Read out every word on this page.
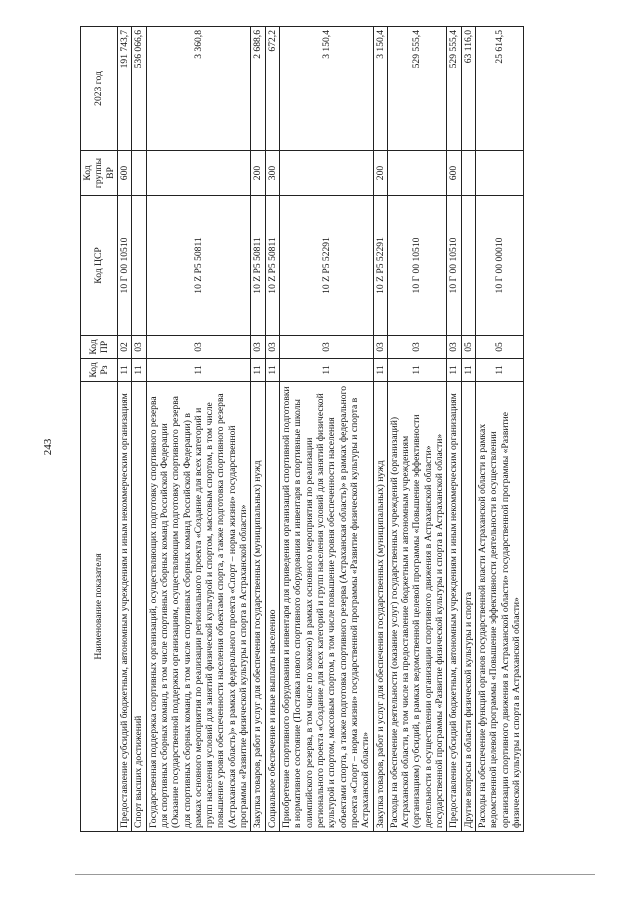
243
Наименование показателя	Код Рз	Код ПР	Код ЦСР	Код группы ВР	2023 год
Предоставление субсидий бюджетным, автономным учреждениям и иным некоммерческим организациям	11	02	10 Г 00 10510	600	191 743,7
Спорт высших достижений	11	03			536 066,6
Государственная поддержка спортивных организаций, осуществляющих подготовку спортивного резерва для спортивных сборных команд, в том числе спортивных сборных команд Российской Федерации (Оказание государственной поддержки организациям, осуществляющим подготовку спортивного резерва для спортивных сборных команд, в том числе спортивных сборных команд Российской Федерации) в рамках основного мероприятия по реализации регионального проекта «Создание для всех категорий и групп населения условий для занятий физической культурой и спортом, массовым спортом, в том числе повышение уровня обеспеченности населения объектами спорта, а также подготовка спортивного резерва (Астраханская область)» в рамках федерального проекта «Спорт – норма жизни» государственной программы «Развитие физической культуры и спорта в Астраханской области»	11	03	10 Z P5 50811		3 360,8
Закупка товаров, работ и услуг для обеспечения государственных (муниципальных) нужд	11	03	10 Z P5 50811	200	2 688,6
Социальное обеспечение и иные выплаты населению	11	03	10 Z P5 50811	300	672,2
Приобретение спортивного оборудования и инвентаря для приведения организаций спортивной подготовки в нормативное состояние (Поставка нового спортивного оборудования и инвентаря в спортивные школы олимпийского резерва, в том числе по хоккею) в рамках основного мероприятия по реализации регионального проекта «Создание для всех категорий и групп населения условий для занятий физической культурой и спортом, массовым спортом, в том числе повышение уровня обеспеченности населения объектами спорта, а также подготовка спортивного резерва (Астраханская область)» в рамках федерального проекта «Спорт – норма жизни» государственной программы «Развитие физической культуры и спорта в Астраханской области»	11	03	10 Z P5 52291		3 150,4
Закупка товаров, работ и услуг для обеспечения государственных (муниципальных) нужд	11	03	10 Z P5 52291	200	3 150,4
Расходы на обеспечение деятельности (оказание услуг) государственных учреждений (организаций) Астраханской области, в том числе на предоставление бюджетным и автономным учреждениям (организациям) субсидий, в рамках ведомственной целевой программы «Повышение эффективности деятельности в осуществлении организации спортивного движения в Астраханской области» государственной программы «Развитие физической культуры и спорта в Астраханской области»	11	03	10 Г 00 10510		529 555,4
Предоставление субсидий бюджетным, автономным учреждениям и иным некоммерческим организациям	11	03	10 Г 00 10510	600	529 555,4
Другие вопросы в области физической культуры и спорта	11	05			63 116,0
Расходы на обеспечение функций органов государственной власти Астраханской области в рамках ведомственной целевой программы «Повышение эффективности деятельности в осуществлении организации спортивного движения в Астраханской области» государственной программы «Развитие физической культуры и спорта в Астраханской области»	11	05	10 Г 00 00010		25 614,5
